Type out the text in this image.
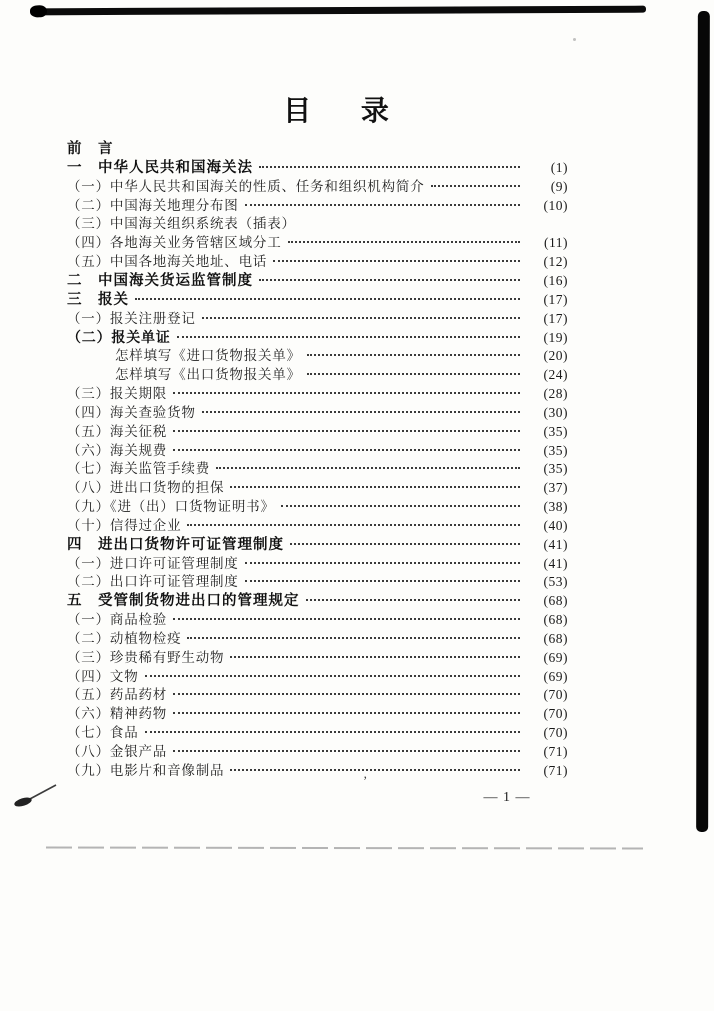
’
目 录
前　言
一　中华人民共和国海关法	(1)
（一）中华人民共和国海关的性质、任务和组织机构简介	(9)
（二）中国海关地理分布图	(10)
（三）中国海关组织系统表（插表）
（四）各地海关业务管辖区域分工	(11)
（五）中国各地海关地址、电话	(12)
二　中国海关货运监管制度	(16)
三　报关	(17)
（一）报关注册登记	(17)
（二）报关单证	(19)
怎样填写《进口货物报关单》	(20)
怎样填写《出口货物报关单》	(24)
（三）报关期限	(28)
（四）海关查验货物	(30)
（五）海关征税	(35)
（六）海关规费	(35)
（七）海关监管手续费	(35)
（八）进出口货物的担保	(37)
（九）《进（出）口货物证明书》	(38)
（十）信得过企业	(40)
四　进出口货物许可证管理制度	(41)
（一）进口许可证管理制度	(41)
（二）出口许可证管理制度	(53)
五　受管制货物进出口的管理规定	(68)
（一）商品检验	(68)
（二）动植物检疫	(68)
（三）珍贵稀有野生动物	(69)
（四）文物	(69)
（五）药品药材	(70)
（六）精神药物	(70)
（七）食品	(70)
（八）金银产品	(71)
（九）电影片和音像制品	(71)
— 1 —
